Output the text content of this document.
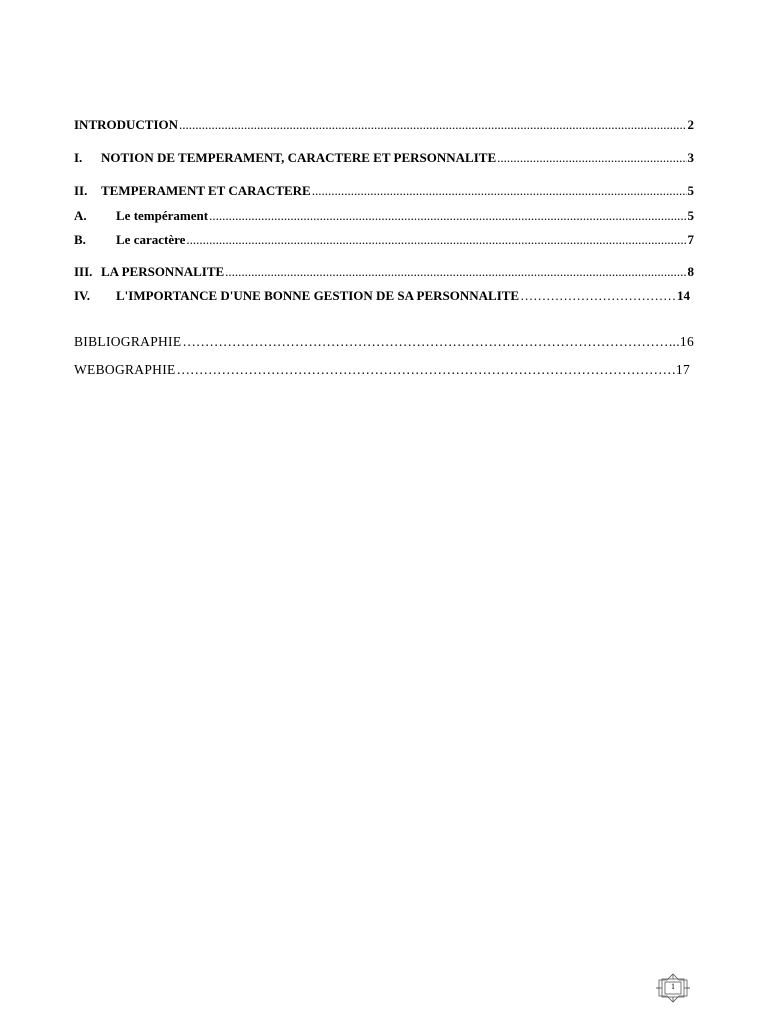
INTRODUCTION .....	2
I.	NOTION DE TEMPERAMENT, CARACTERE ET PERSONNALITE .....	3
II.	TEMPERAMENT ET CARACTERE .....	5
A.	Le tempérament .....	5
B.	Le caractère .....	7
III. LA PERSONNALITE .....	8
IV.	L'IMPORTANCE D'UNE BONNE GESTION DE SA PERSONNALITE ……………………………………………………………………………………………………………………	14
BIBLIOGRAPHIE ……………………………………………………………………………………………………………………………………………………………	..16
WEBOGRAPHIE ……………………………………………………………………………………………………………………………………………………………	17
1
